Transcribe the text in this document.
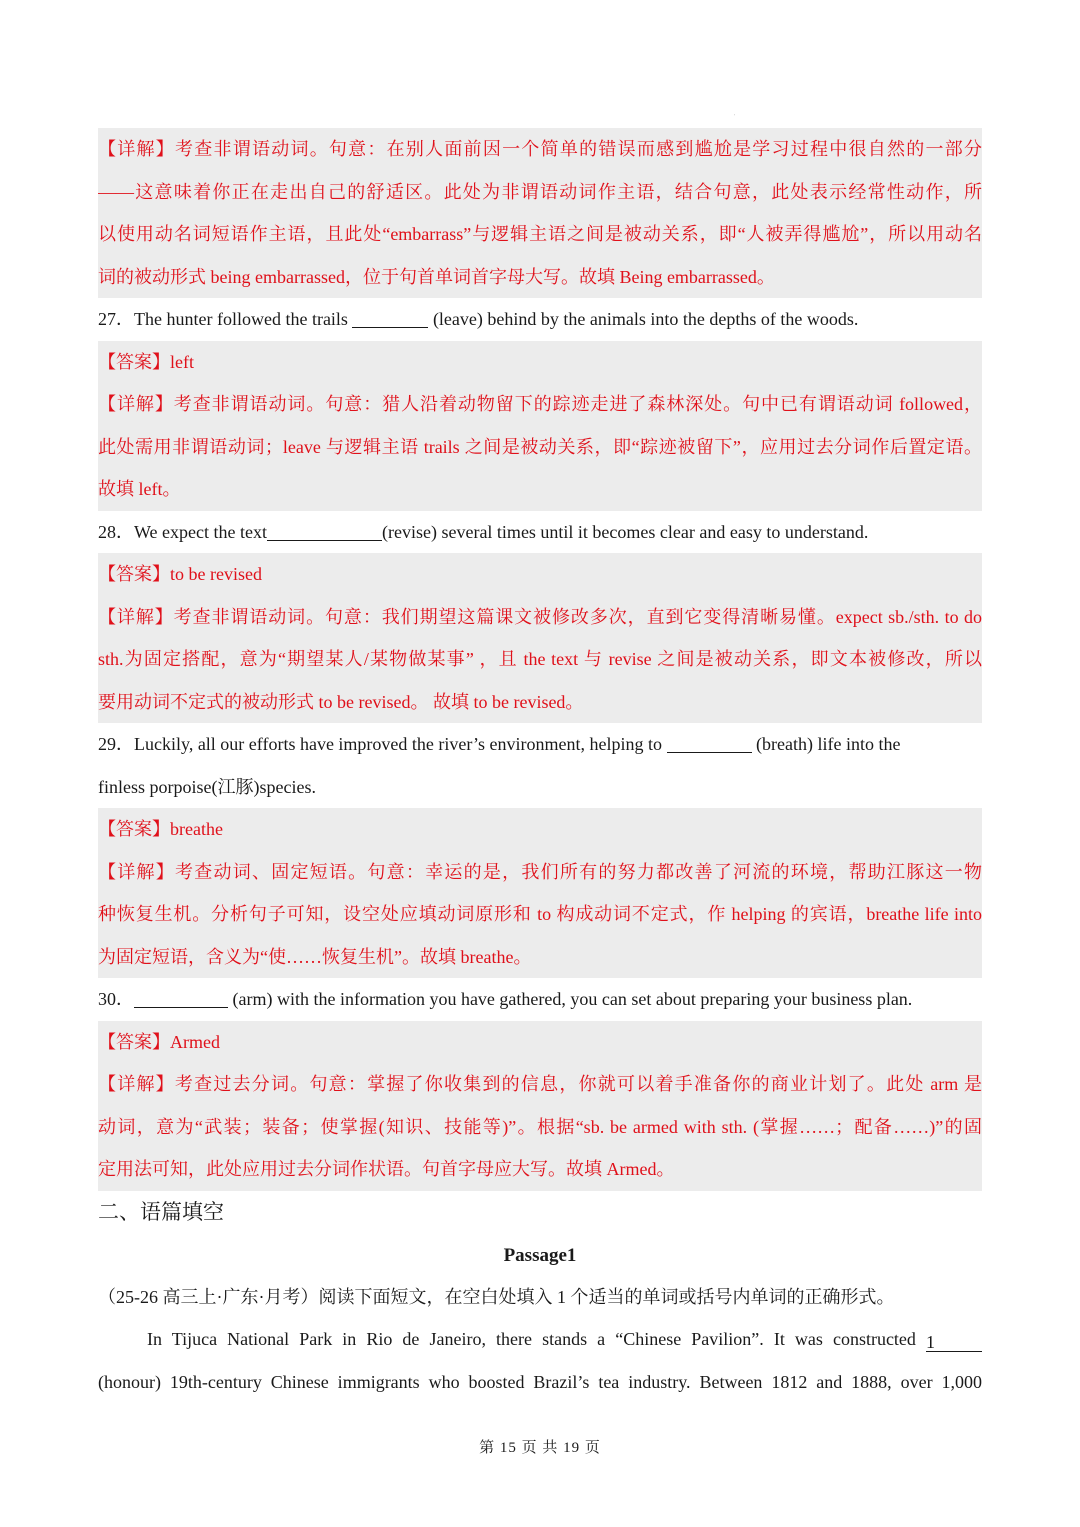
'
【详解】考查非谓语动词。句意：在别人面前因一个简单的错误而感到尴尬是学习过程中很自然的一部分
——这意味着你正在走出自己的舒适区。此处为非谓语动词作主语，结合句意，此处表示经常性动作，所
以使用动名词短语作主语，且此处“embarrass”与逻辑主语之间是被动关系，即“人被弄得尴尬”，所以用动名
词的被动形式 being embarrassed，位于句首单词首字母大写。故填 Being embarrassed。
27．The hunter followed the trails	(leave) behind by the animals into the depths of the woods.
【答案】left
【详解】考查非谓语动词。句意：猎人沿着动物留下的踪迹走进了森林深处。句中已有谓语动词 followed，
此处需用非谓语动词；leave 与逻辑主语 trails 之间是被动关系，即“踪迹被留下”，应用过去分词作后置定语。
故填 left。
28．We expect the text	(revise) several times until it becomes clear and easy to understand.
【答案】to be revised
【详解】考查非谓语动词。句意：我们期望这篇课文被修改多次，直到它变得清晰易懂。expect sb./sth. to do
sth.为固定搭配，意为“期望某人/某物做某事” ，且 the text 与 revise 之间是被动关系，即文本被修改，所以
要用动词不定式的被动形式 to be revised。 故填 to be revised。
29．Luckily, all our efforts have improved the river’s environment, helping to	(breath) life into the
finless porpoise(江豚)species.
【答案】breathe
【详解】考查动词、固定短语。句意：幸运的是，我们所有的努力都改善了河流的环境，帮助江豚这一物
种恢复生机。分析句子可知，设空处应填动词原形和 to 构成动词不定式，作 helping 的宾语，breathe life into
为固定短语，含义为“使……恢复生机”。故填 breathe。
30．	(arm) with the information you have gathered, you can set about preparing your business plan.
【答案】Armed
【详解】考查过去分词。句意：掌握了你收集到的信息，你就可以着手准备你的商业计划了。此处 arm 是
动词，意为“武装；装备；使掌握(知识、技能等)”。根据“sb. be armed with sth. (掌握……；配备……)”的固
定用法可知，此处应用过去分词作状语。句首字母应大写。故填 Armed。
二、语篇填空
Passage1
（25-26 高三上·广东·月考）阅读下面短文，在空白处填入 1 个适当的单词或括号内单词的正确形式。
In Tijuca National Park in Rio de Janeiro, there stands a “Chinese Pavilion”. It was constructed 1
(honour) 19th-century Chinese immigrants who boosted Brazil’s tea industry. Between 1812 and 1888, over 1,000
第 15 页 共 19 页
